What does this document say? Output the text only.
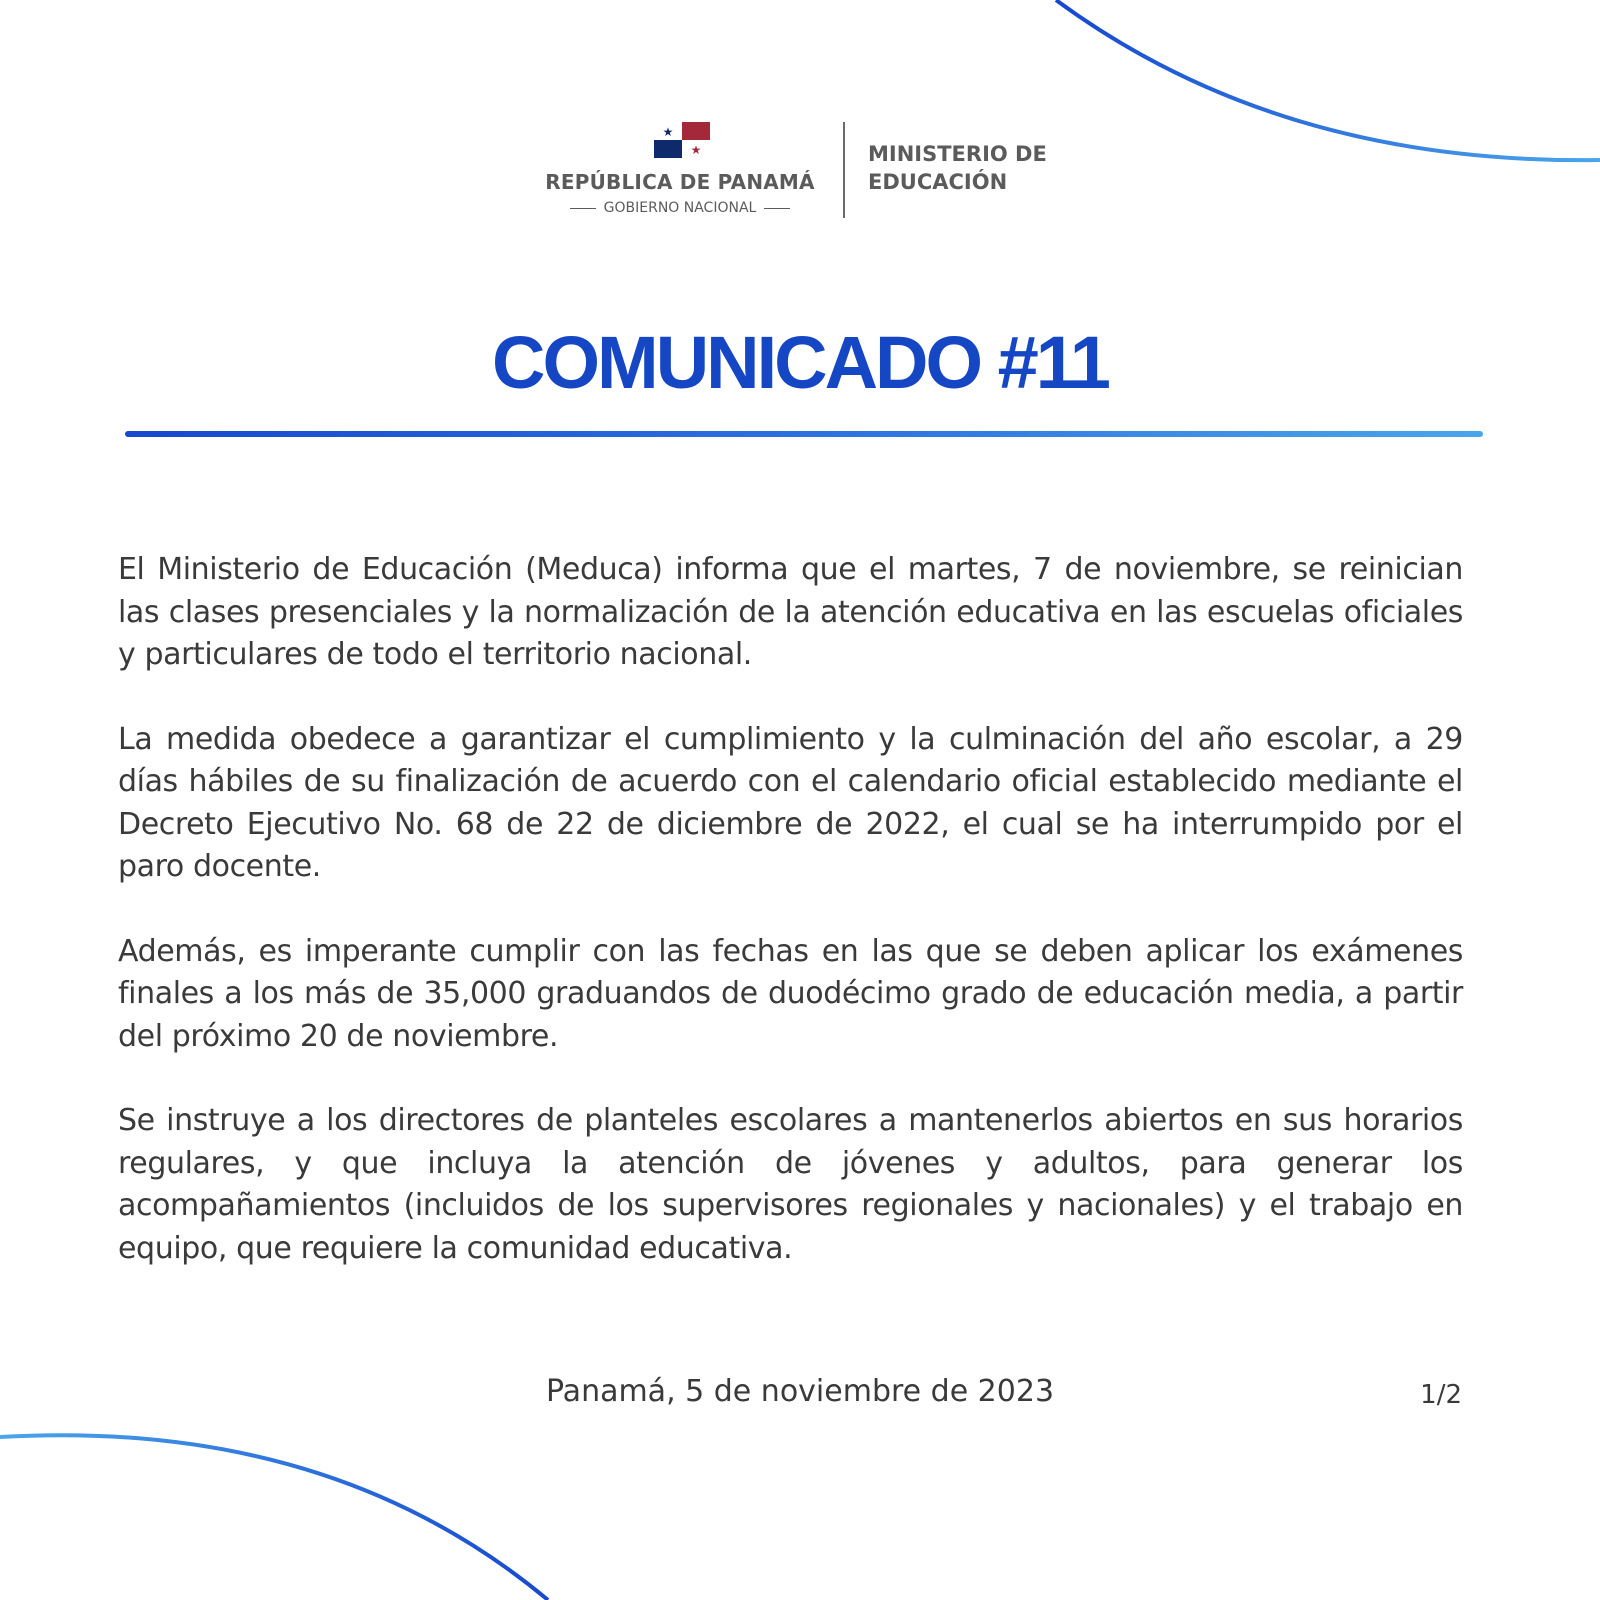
★
★
REPÚBLICA DE PANAMÁ
GOBIERNO NACIONAL
MINISTERIO DE
EDUCACIÓN
COMUNICADO #11

El Ministerio de Educación (Meduca) informa que el martes, 7 de noviembre, se reinician las clases presenciales y la normalización de la atención educativa en las escuelas oficiales y particulares de todo el territorio nacional.

La medida obedece a garantizar el cumplimiento y la culminación del año escolar, a 29 días hábiles de su finalización de acuerdo con el calendario oficial establecido mediante el Decreto Ejecutivo No. 68 de 22 de diciembre de 2022, el cual se ha interrumpido por el paro docente.

Además, es imperante cumplir con las fechas en las que se deben aplicar los exámenes finales a los más de 35,000 graduandos de duodécimo grado de educación media, a partir del próximo 20 de noviembre.

Se instruye a los directores de planteles escolares a mantenerlos abiertos en sus horarios regulares, y que incluya la atención de jóvenes y adultos, para generar los acompañamientos (incluidos de los supervisores regionales y nacionales) y el trabajo en equipo, que requiere la comunidad educativa.

Panamá, 5 de noviembre de 2023	1/2
